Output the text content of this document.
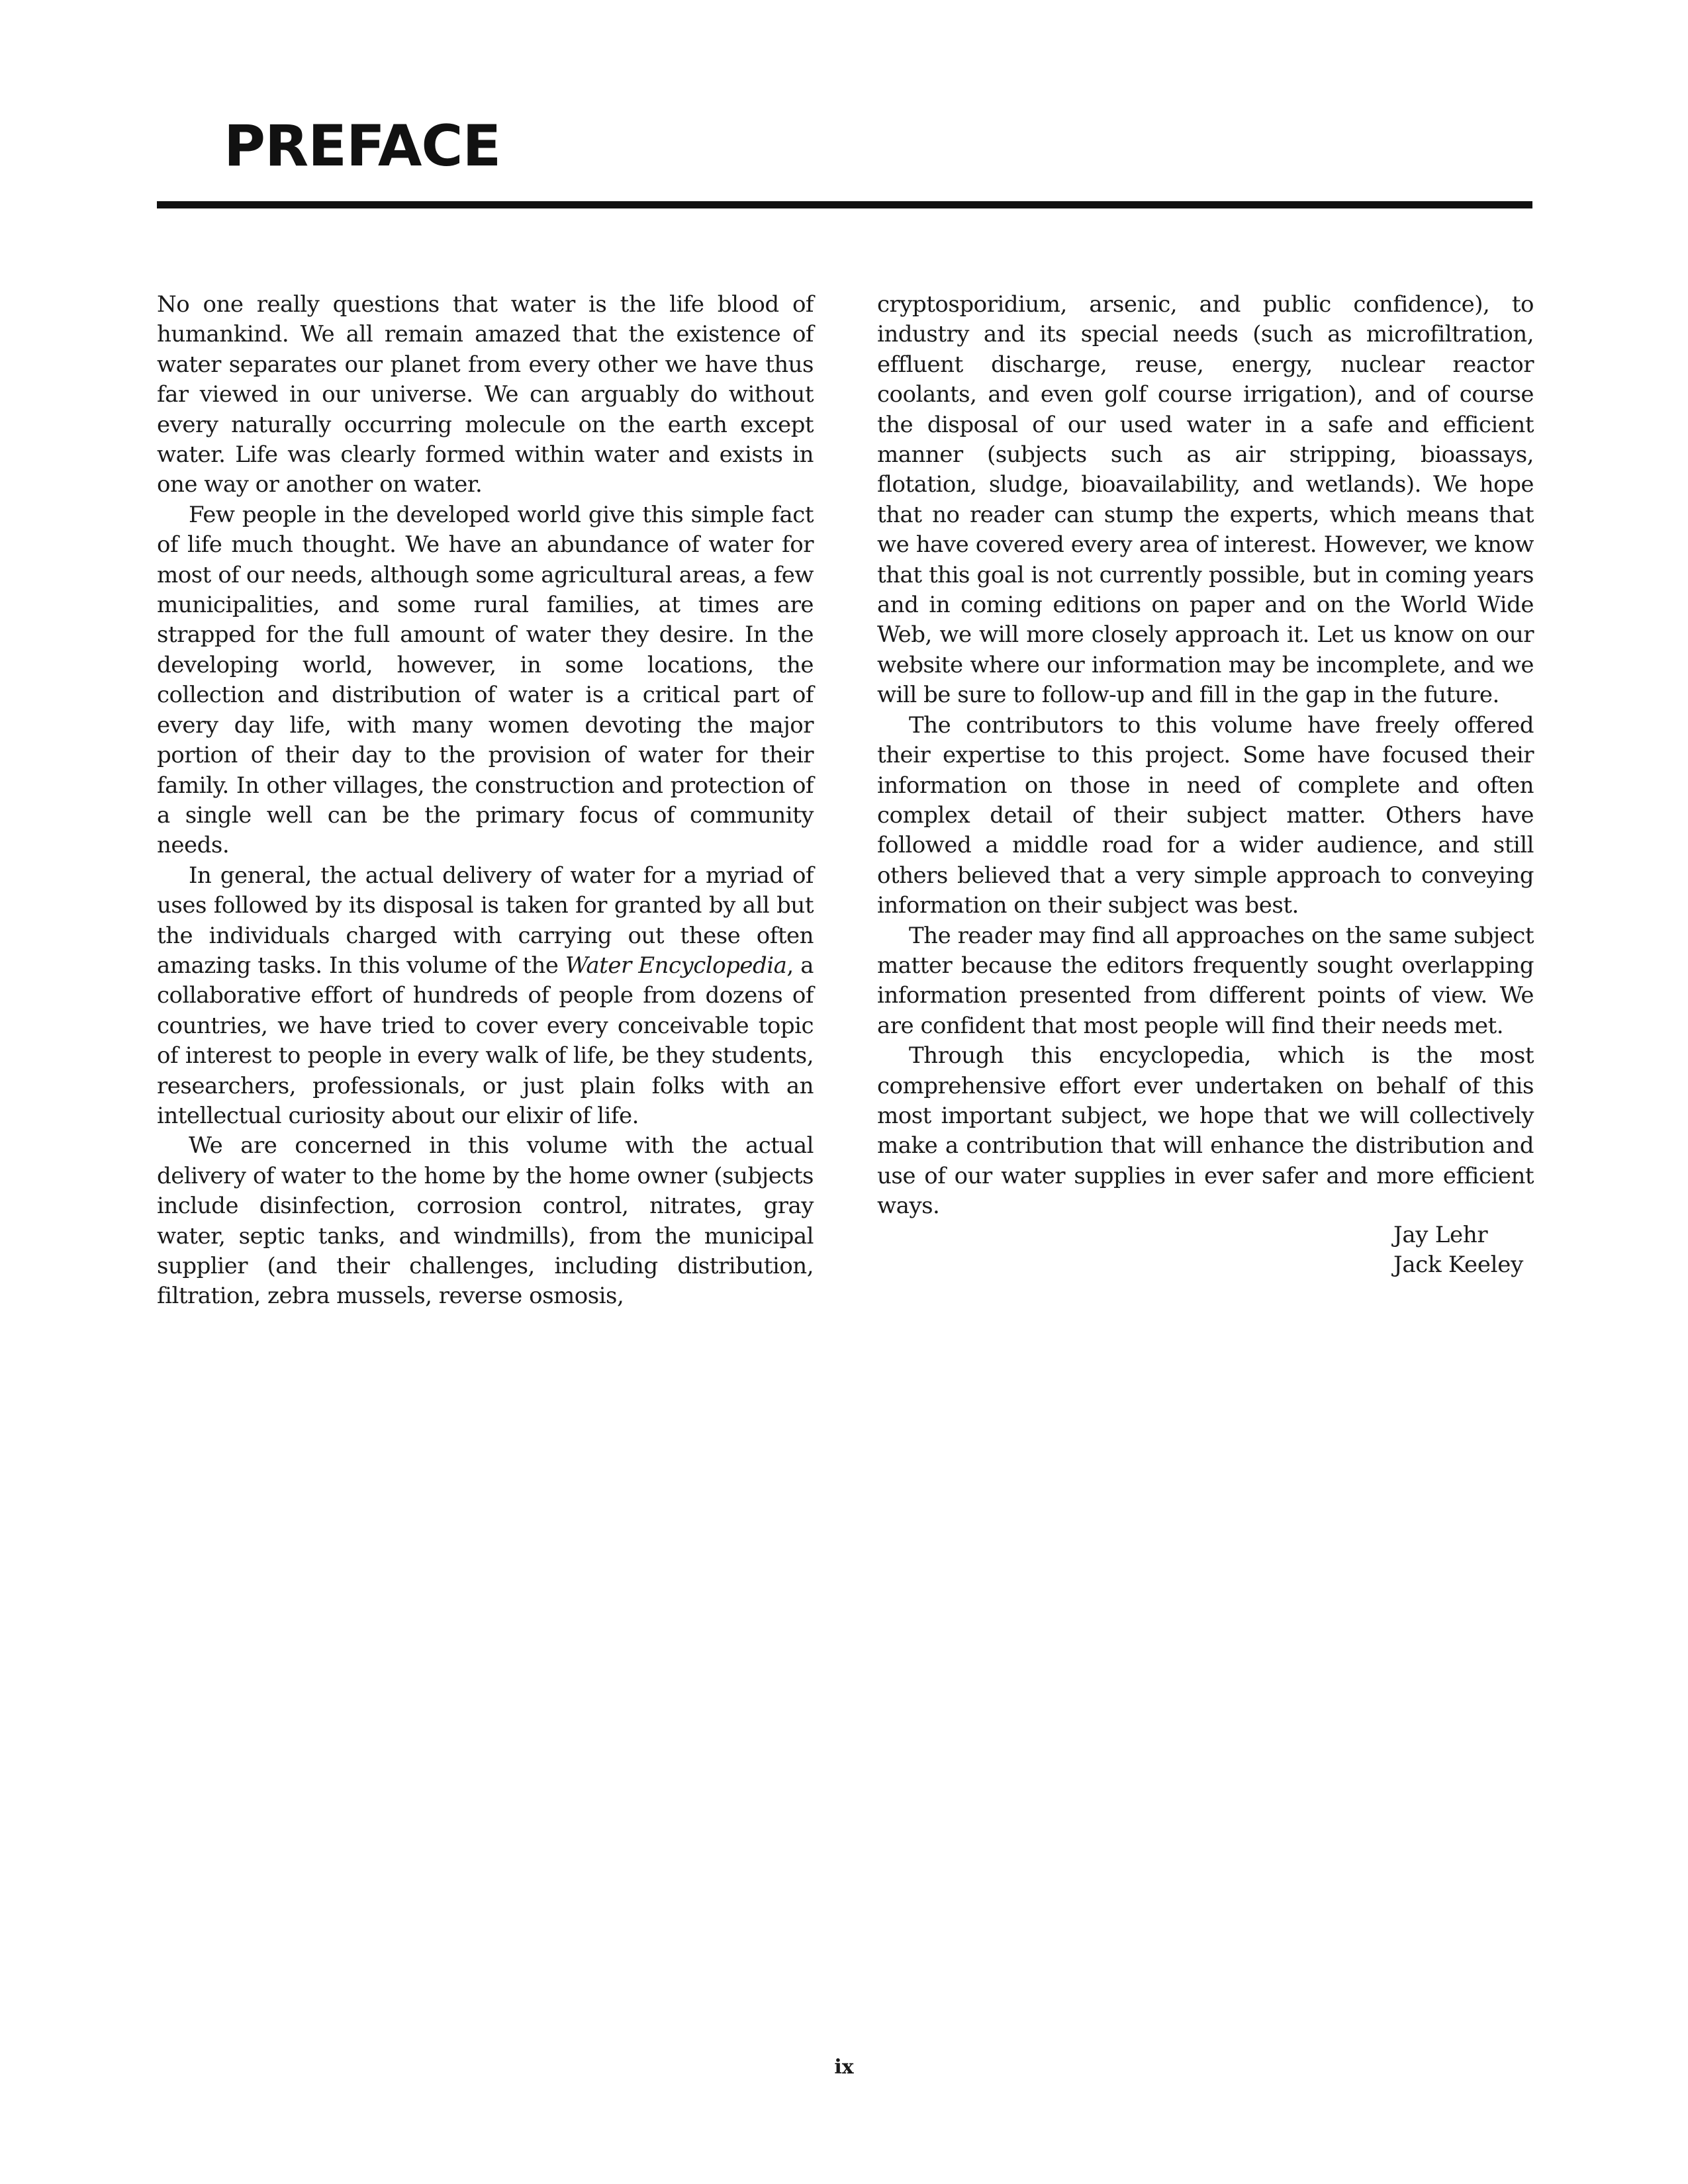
PREFACE

No one really questions that water is the life blood of humankind. We all remain amazed that the existence of water separates our planet from every other we have thus far viewed in our universe. We can arguably do without every naturally occurring molecule on the earth except water. Life was clearly formed within water and exists in one way or another on water.

Few people in the developed world give this simple fact of life much thought. We have an abundance of water for most of our needs, although some agricultural areas, a few municipalities, and some rural families, at times are strapped for the full amount of water they desire. In the developing world, however, in some locations, the collection and distribution of water is a critical part of every day life, with many women devoting the major portion of their day to the provision of water for their family. In other villages, the construction and protection of a single well can be the primary focus of community needs.

In general, the actual delivery of water for a myriad of uses followed by its disposal is taken for granted by all but the individuals charged with carrying out these often amazing tasks. In this volume of the Water Encyclopedia, a collaborative effort of hundreds of people from dozens of countries, we have tried to cover every conceivable topic of interest to people in every walk of life, be they students, researchers, professionals, or just plain folks with an intellectual curiosity about our elixir of life.

We are concerned in this volume with the actual delivery of water to the home by the home owner (subjects include disinfection, corrosion control, nitrates, gray water, septic tanks, and windmills), from the municipal supplier (and their challenges, including distribution, filtration, zebra mussels, reverse osmosis,

cryptosporidium, arsenic, and public confidence), to industry and its special needs (such as microfiltration, effluent discharge, reuse, energy, nuclear reactor coolants, and even golf course irrigation), and of course the disposal of our used water in a safe and efficient manner (subjects such as air stripping, bioassays, flotation, sludge, bioavailability, and wetlands). We hope that no reader can stump the experts, which means that we have covered every area of interest. However, we know that this goal is not currently possible, but in coming years and in coming editions on paper and on the World Wide Web, we will more closely approach it. Let us know on our website where our information may be incomplete, and we will be sure to follow-up and fill in the gap in the future.

The contributors to this volume have freely offered their expertise to this project. Some have focused their information on those in need of complete and often complex detail of their subject matter. Others have followed a middle road for a wider audience, and still others believed that a very simple approach to conveying information on their subject was best.

The reader may find all approaches on the same subject matter because the editors frequently sought overlapping information presented from different points of view. We are confident that most people will find their needs met.

Through this encyclopedia, which is the most comprehensive effort ever undertaken on behalf of this most important subject, we hope that we will collectively make a contribution that will enhance the distribution and use of our water supplies in ever safer and more efficient ways.

Jay Lehr
Jack Keeley
ix
